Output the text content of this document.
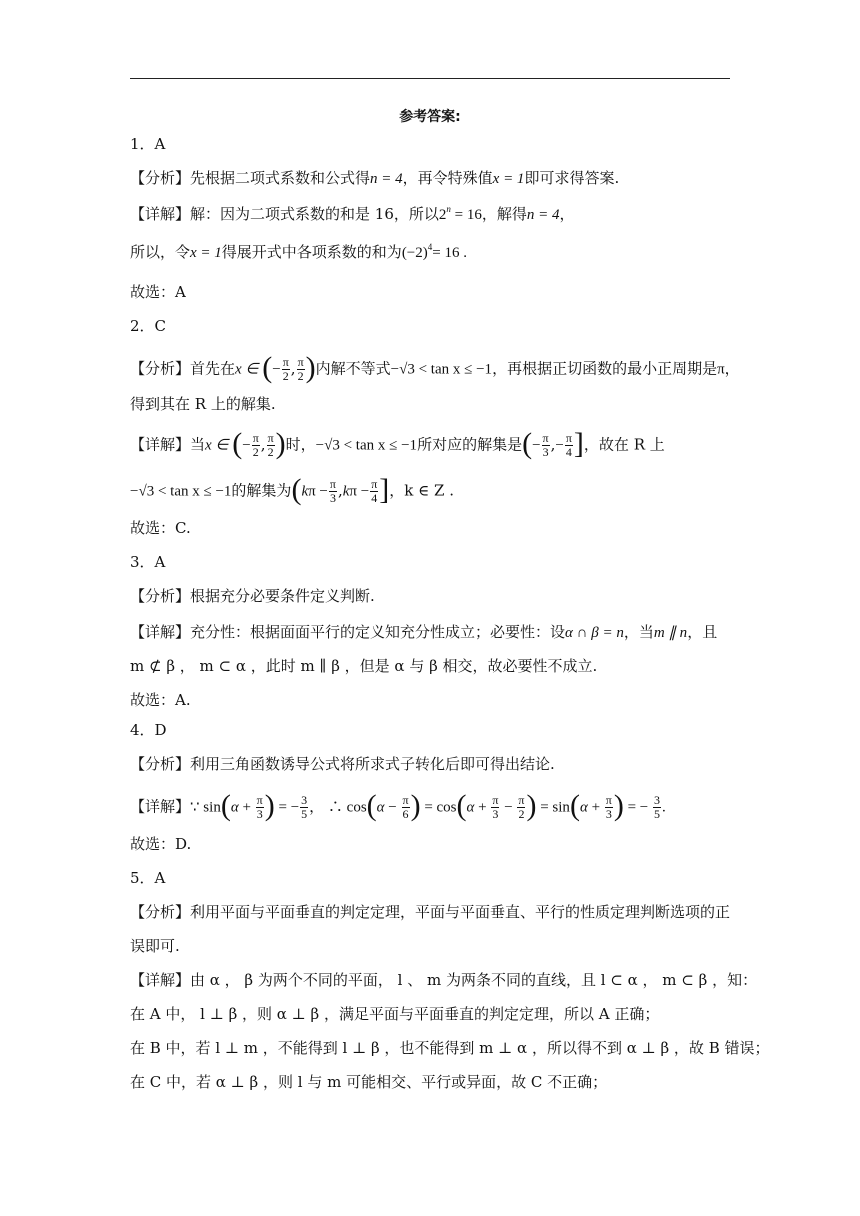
参考答案:
1．A
【分析】先根据二项式系数和公式得n = 4，再令特殊值x = 1即可求得答案.
【详解】解：因为二项式系数的和是 16，所以$2^n = 16$，解得n = 4，
所以，令x = 1得展开式中各项系数的和为$(-2)^4= 16$ .
故选：A
2．C
【分析】首先在x ∈ (− $\frac{\pi}{2}$ , $\frac{\pi}{2}$ )内解不等式−√3 < tan x ≤ −1，再根据正切函数的最小正周期是π，
得到其在 R 上的解集.
【详解】当x ∈ (− $\frac{\pi}{2}$ , $\frac{\pi}{2}$ )时，−√3 < tan x ≤ −1所对应的解集是(− $\frac{\pi}{3}$ ,− $\frac{\pi}{4}$ ]，故在 R 上
−√3 < tan x ≤ −1的解集为($k\pi - \frac{\pi}{3} ,k\pi - \frac{\pi}{4}$ ]，k ∈ Z .
故选：C.
3．A
【分析】根据充分必要条件定义判断.
【详解】充分性：根据面面平行的定义知充分性成立；必要性：设α ∩ β = n，当m ∥ n，且
m ⊄ β ， m ⊂ α ，此时 m ∥ β ，但是 α 与 β 相交，故必要性不成立.
故选：A.
4．D
【分析】利用三角函数诱导公式将所求式子转化后即可得出结论.
【详解】∵ $\sin(\alpha + \frac{\pi}{3}$ ) = − $\frac{3}{5}$ ， ∴ $\cos(\alpha - \frac{\pi}{6}$ ) = $\cos(\alpha + \frac{\pi}{3} - \frac{\pi}{2}$ ) = $\sin(\alpha + \frac{\pi}{3}$ ) = − $\frac{3}{5}$ .
故选：D.
5．A
【分析】利用平面与平面垂直的判定定理，平面与平面垂直、平行的性质定理判断选项的正
误即可.
【详解】由 α ， β 为两个不同的平面， l 、 m 为两条不同的直线，且 l ⊂ α ， m ⊂ β ，知：
在 A 中， l ⊥ β ，则 α ⊥ β ，满足平面与平面垂直的判定定理，所以 A 正确；
在 B 中，若 l ⊥ m ，不能得到 l ⊥ β ，也不能得到 m ⊥ α ，所以得不到 α ⊥ β ，故 B 错误；
在 C 中，若 α ⊥ β ，则 l 与 m 可能相交、平行或异面，故 C 不正确；
